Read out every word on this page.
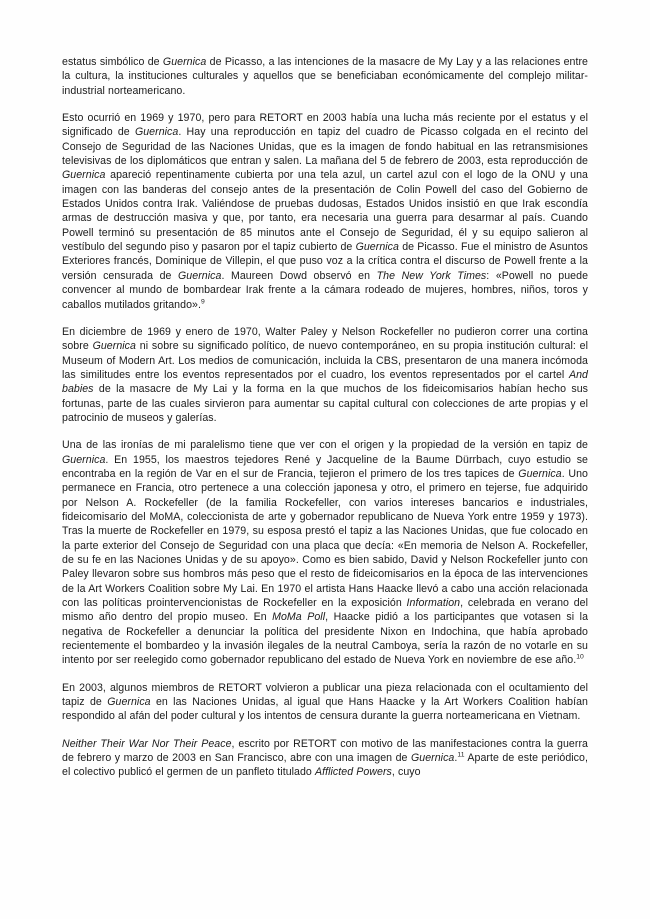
estatus simbólico de Guernica de Picasso, a las intenciones de la masacre de My Lay y a las relaciones entre la cultura, la instituciones culturales y aquellos que se beneficiaban económicamente del complejo militar-industrial norteamericano.

Esto ocurrió en 1969 y 1970, pero para RETORT en 2003 había una lucha más reciente por el estatus y el significado de Guernica. Hay una reproducción en tapiz del cuadro de Picasso colgada en el recinto del Consejo de Seguridad de las Naciones Unidas, que es la imagen de fondo habitual en las retransmisiones televisivas de los diplomáticos que entran y salen. La mañana del 5 de febrero de 2003, esta reproducción de Guernica apareció repentinamente cubierta por una tela azul, un cartel azul con el logo de la ONU y una imagen con las banderas del consejo antes de la presentación de Colin Powell del caso del Gobierno de Estados Unidos contra Irak. Valiéndose de pruebas dudosas, Estados Unidos insistió en que Irak escondía armas de destrucción masiva y que, por tanto, era necesaria una guerra para desarmar al país. Cuando Powell terminó su presentación de 85 minutos ante el Consejo de Seguridad, él y su equipo salieron al vestíbulo del segundo piso y pasaron por el tapiz cubierto de Guernica de Picasso. Fue el ministro de Asuntos Exteriores francés, Dominique de Villepin, el que puso voz a la crítica contra el discurso de Powell frente a la versión censurada de Guernica. Maureen Dowd observó en The New York Times: «Powell no puede convencer al mundo de bombardear Irak frente a la cámara rodeado de mujeres, hombres, niños, toros y caballos mutilados gritando».$^9$

En diciembre de 1969 y enero de 1970, Walter Paley y Nelson Rockefeller no pudieron correr una cortina sobre Guernica ni sobre su significado político, de nuevo contemporáneo, en su propia institución cultural: el Museum of Modern Art. Los medios de comunicación, incluida la CBS, presentaron de una manera incómoda las similitudes entre los eventos representados por el cuadro, los eventos representados por el cartel And babies de la masacre de My Lai y la forma en la que muchos de los fideicomisarios habían hecho sus fortunas, parte de las cuales sirvieron para aumentar su capital cultural con colecciones de arte propias y el patrocinio de museos y galerías.

Una de las ironías de mi paralelismo tiene que ver con el origen y la propiedad de la versión en tapiz de Guernica. En 1955, los maestros tejedores René y Jacqueline de la Baume Dürrbach, cuyo estudio se encontraba en la región de Var en el sur de Francia, tejieron el primero de los tres tapices de Guernica. Uno permanece en Francia, otro pertenece a una colección japonesa y otro, el primero en tejerse, fue adquirido por Nelson A. Rockefeller (de la familia Rockefeller, con varios intereses bancarios e industriales, fideicomisario del MoMA, coleccionista de arte y gobernador republicano de Nueva York entre 1959 y 1973). Tras la muerte de Rockefeller en 1979, su esposa prestó el tapiz a las Naciones Unidas, que fue colocado en la parte exterior del Consejo de Seguridad con una placa que decía: «En memoria de Nelson A. Rockefeller, de su fe en las Naciones Unidas y de su apoyo». Como es bien sabido, David y Nelson Rockefeller junto con Paley llevaron sobre sus hombros más peso que el resto de fideicomisarios en la época de las intervenciones de la Art Workers Coalition sobre My Lai. En 1970 el artista Hans Haacke llevó a cabo una acción relacionada con las políticas prointervencionistas de Rockefeller en la exposición Information, celebrada en verano del mismo año dentro del propio museo. En MoMa Poll, Haacke pidió a los participantes que votasen si la negativa de Rockefeller a denunciar la política del presidente Nixon en Indochina, que había aprobado recientemente el bombardeo y la invasión ilegales de la neutral Camboya, sería la razón de no votarle en su intento por ser reelegido como gobernador republicano del estado de Nueva York en noviembre de ese año.$^{10}$

En 2003, algunos miembros de RETORT volvieron a publicar una pieza relacionada con el ocultamiento del tapiz de Guernica en las Naciones Unidas, al igual que Hans Haacke y la Art Workers Coalition habían respondido al afán del poder cultural y los intentos de censura durante la guerra norteamericana en Vietnam.

Neither Their War Nor Their Peace, escrito por RETORT con motivo de las manifestaciones contra la guerra de febrero y marzo de 2003 en San Francisco, abre con una imagen de Guernica.$^{11}$ Aparte de este periódico, el colectivo publicó el germen de un panfleto titulado Afflicted Powers, cuyo
